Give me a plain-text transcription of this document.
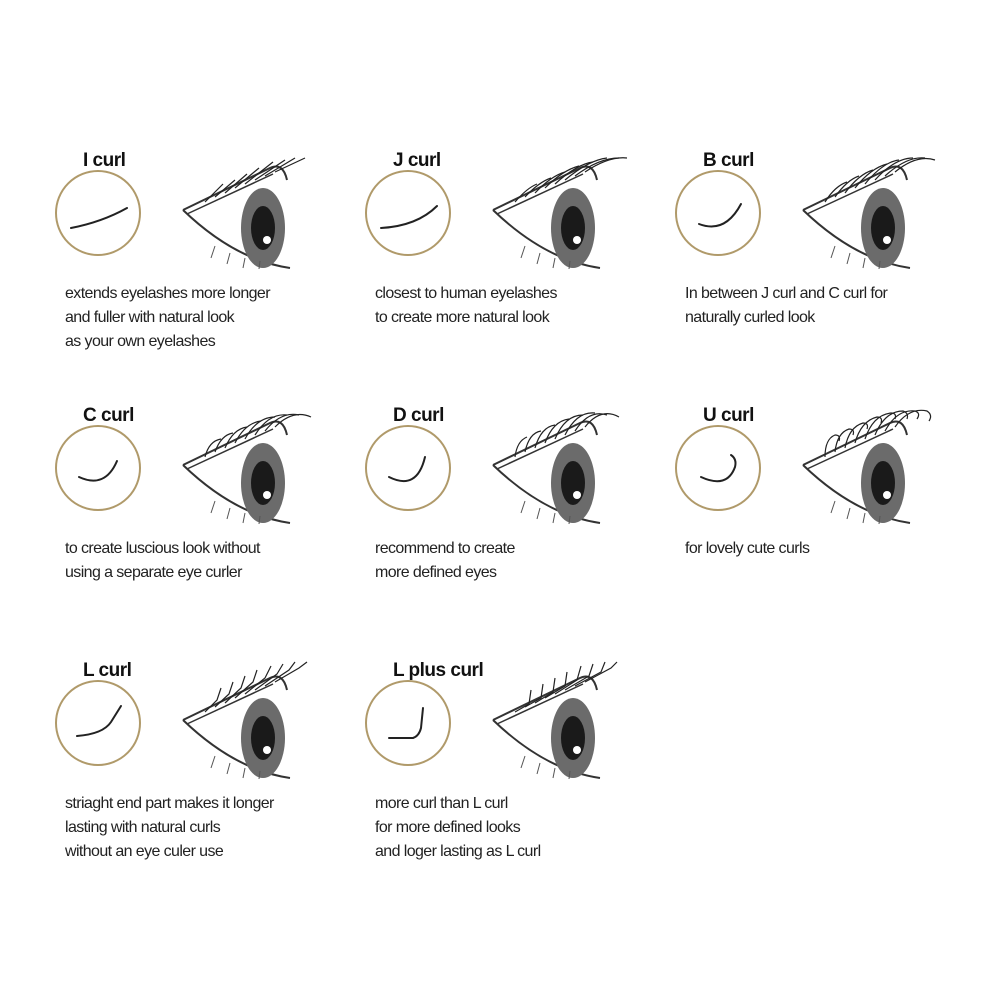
I curl
extends eyelashes more longer
and fuller with natural look
as your own eyelashes
J curl
closest to human eyelashes
to create more natural look
B curl
In between J curl and C curl for
naturally curled look
C curl
to create luscious look without
using a separate eye curler
D curl
recommend to create
more defined eyes
U curl
for lovely cute curls
L curl
striaght end part makes it longer
lasting with natural curls
without an eye culer use
L plus curl
more curl than L curl
for more defined looks
and loger lasting as L curl
